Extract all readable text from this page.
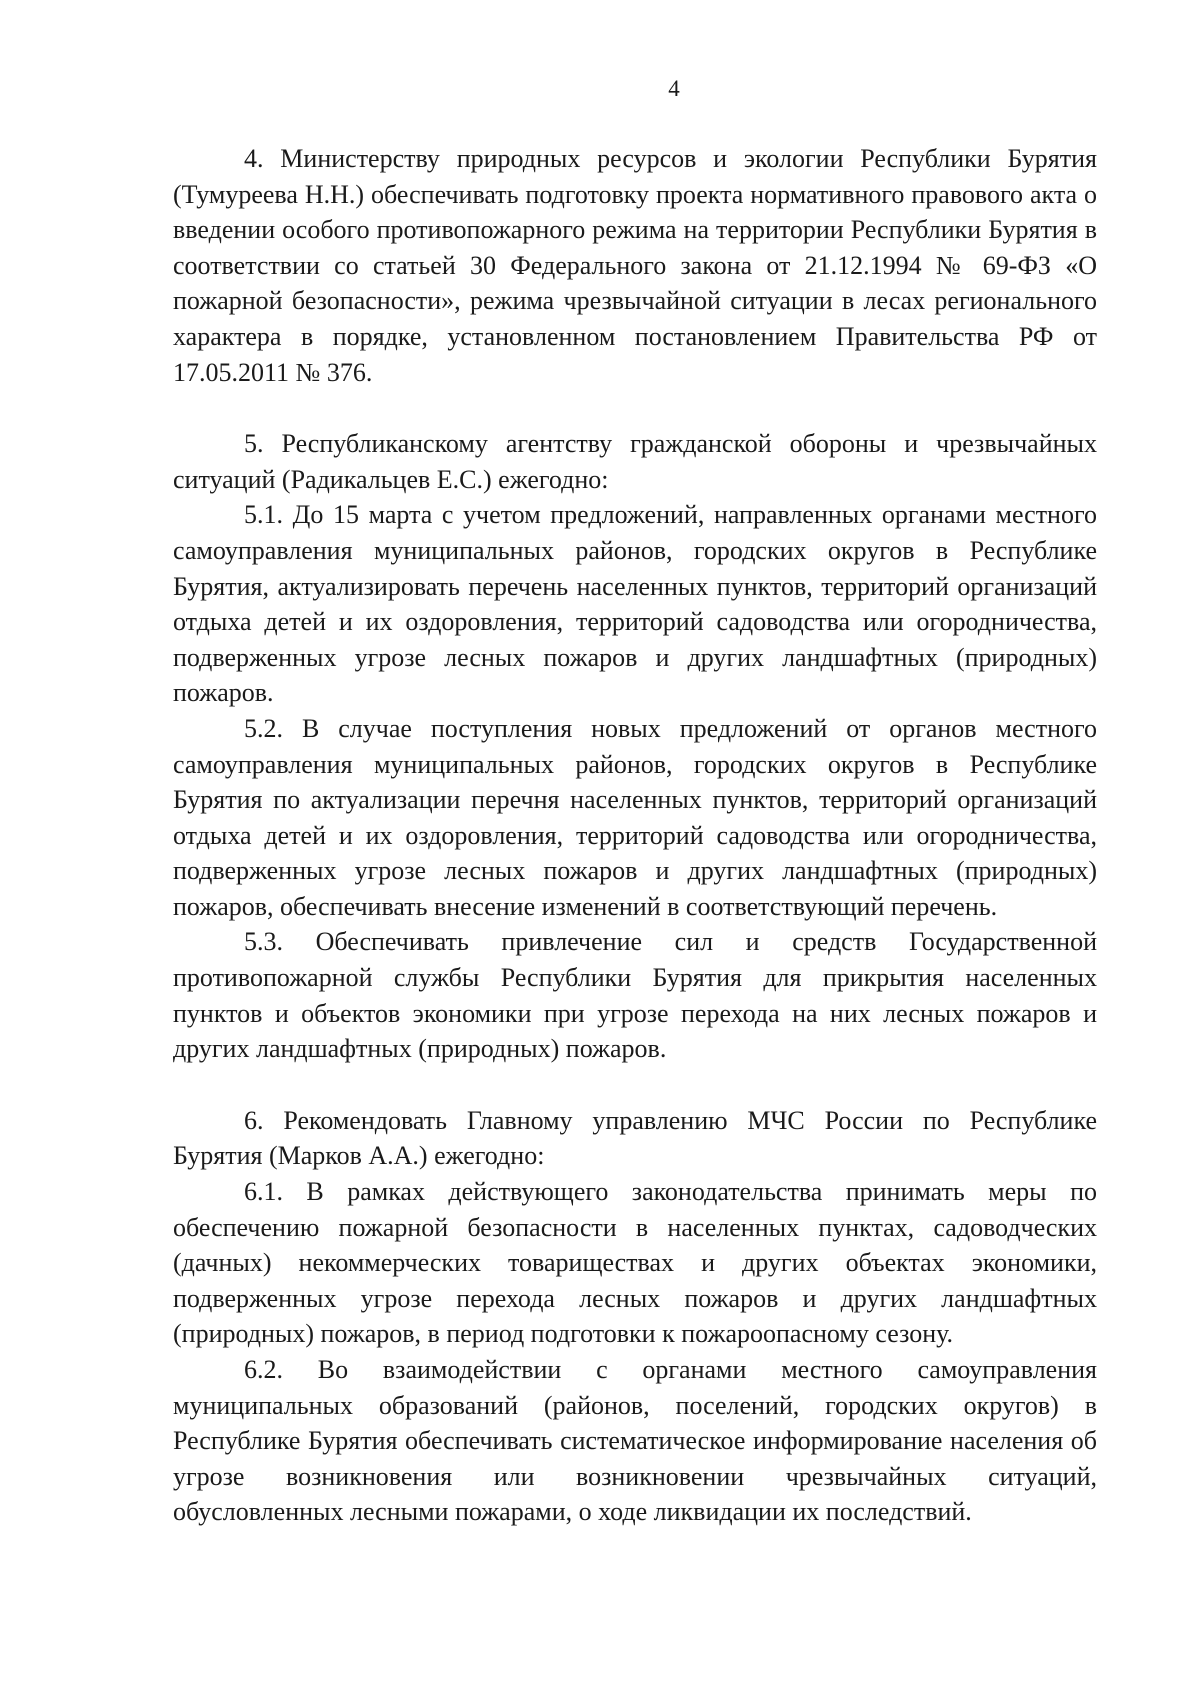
4

4. Министерству природных ресурсов и экологии Республики Бурятия (Тумуреева Н.Н.) обеспечивать подготовку проекта нормативного правового акта о введении особого противопожарного режима на территории Республики Бурятия в соответствии со статьей 30 Федерального закона от 21.12.1994 № 69-ФЗ «О пожарной безопасности», режима чрезвычайной ситуации в лесах регионального характера в порядке, установленном постановлением Правительства РФ от 17.05.2011 № 376.

5. Республиканскому агентству гражданской обороны и чрезвычайных ситуаций (Радикальцев Е.С.) ежегодно:

5.1. До 15 марта с учетом предложений, направленных органами местного самоуправления муниципальных районов, городских округов в Республике Бурятия, актуализировать перечень населенных пунктов, территорий организаций отдыха детей и их оздоровления, территорий садоводства или огородничества, подверженных угрозе лесных пожаров и других ландшафтных (природных) пожаров.

5.2. В случае поступления новых предложений от органов местного самоуправления муниципальных районов, городских округов в Республике Бурятия по актуализации перечня населенных пунктов, территорий организаций отдыха детей и их оздоровления, территорий садоводства или огородничества, подверженных угрозе лесных пожаров и других ландшафтных (природных) пожаров, обеспечивать внесение изменений в соответствующий перечень.

5.3. Обеспечивать привлечение сил и средств Государственной противопожарной службы Республики Бурятия для прикрытия населенных пунктов и объектов экономики при угрозе перехода на них лесных пожаров и других ландшафтных (природных) пожаров.

6. Рекомендовать Главному управлению МЧС России по Республике Бурятия (Марков А.А.) ежегодно:

6.1. В рамках действующего законодательства принимать меры по обеспечению пожарной безопасности в населенных пунктах, садоводческих (дачных) некоммерческих товариществах и других объектах экономики, подверженных угрозе перехода лесных пожаров и других ландшафтных (природных) пожаров, в период подготовки к пожароопасному сезону.

6.2. Во взаимодействии с органами местного самоуправления муниципальных образований (районов, поселений, городских округов) в Республике Бурятия обеспечивать систематическое информирование населения об угрозе возникновения или возникновении чрезвычайных ситуаций, обусловленных лесными пожарами, о ходе ликвидации их последствий.
